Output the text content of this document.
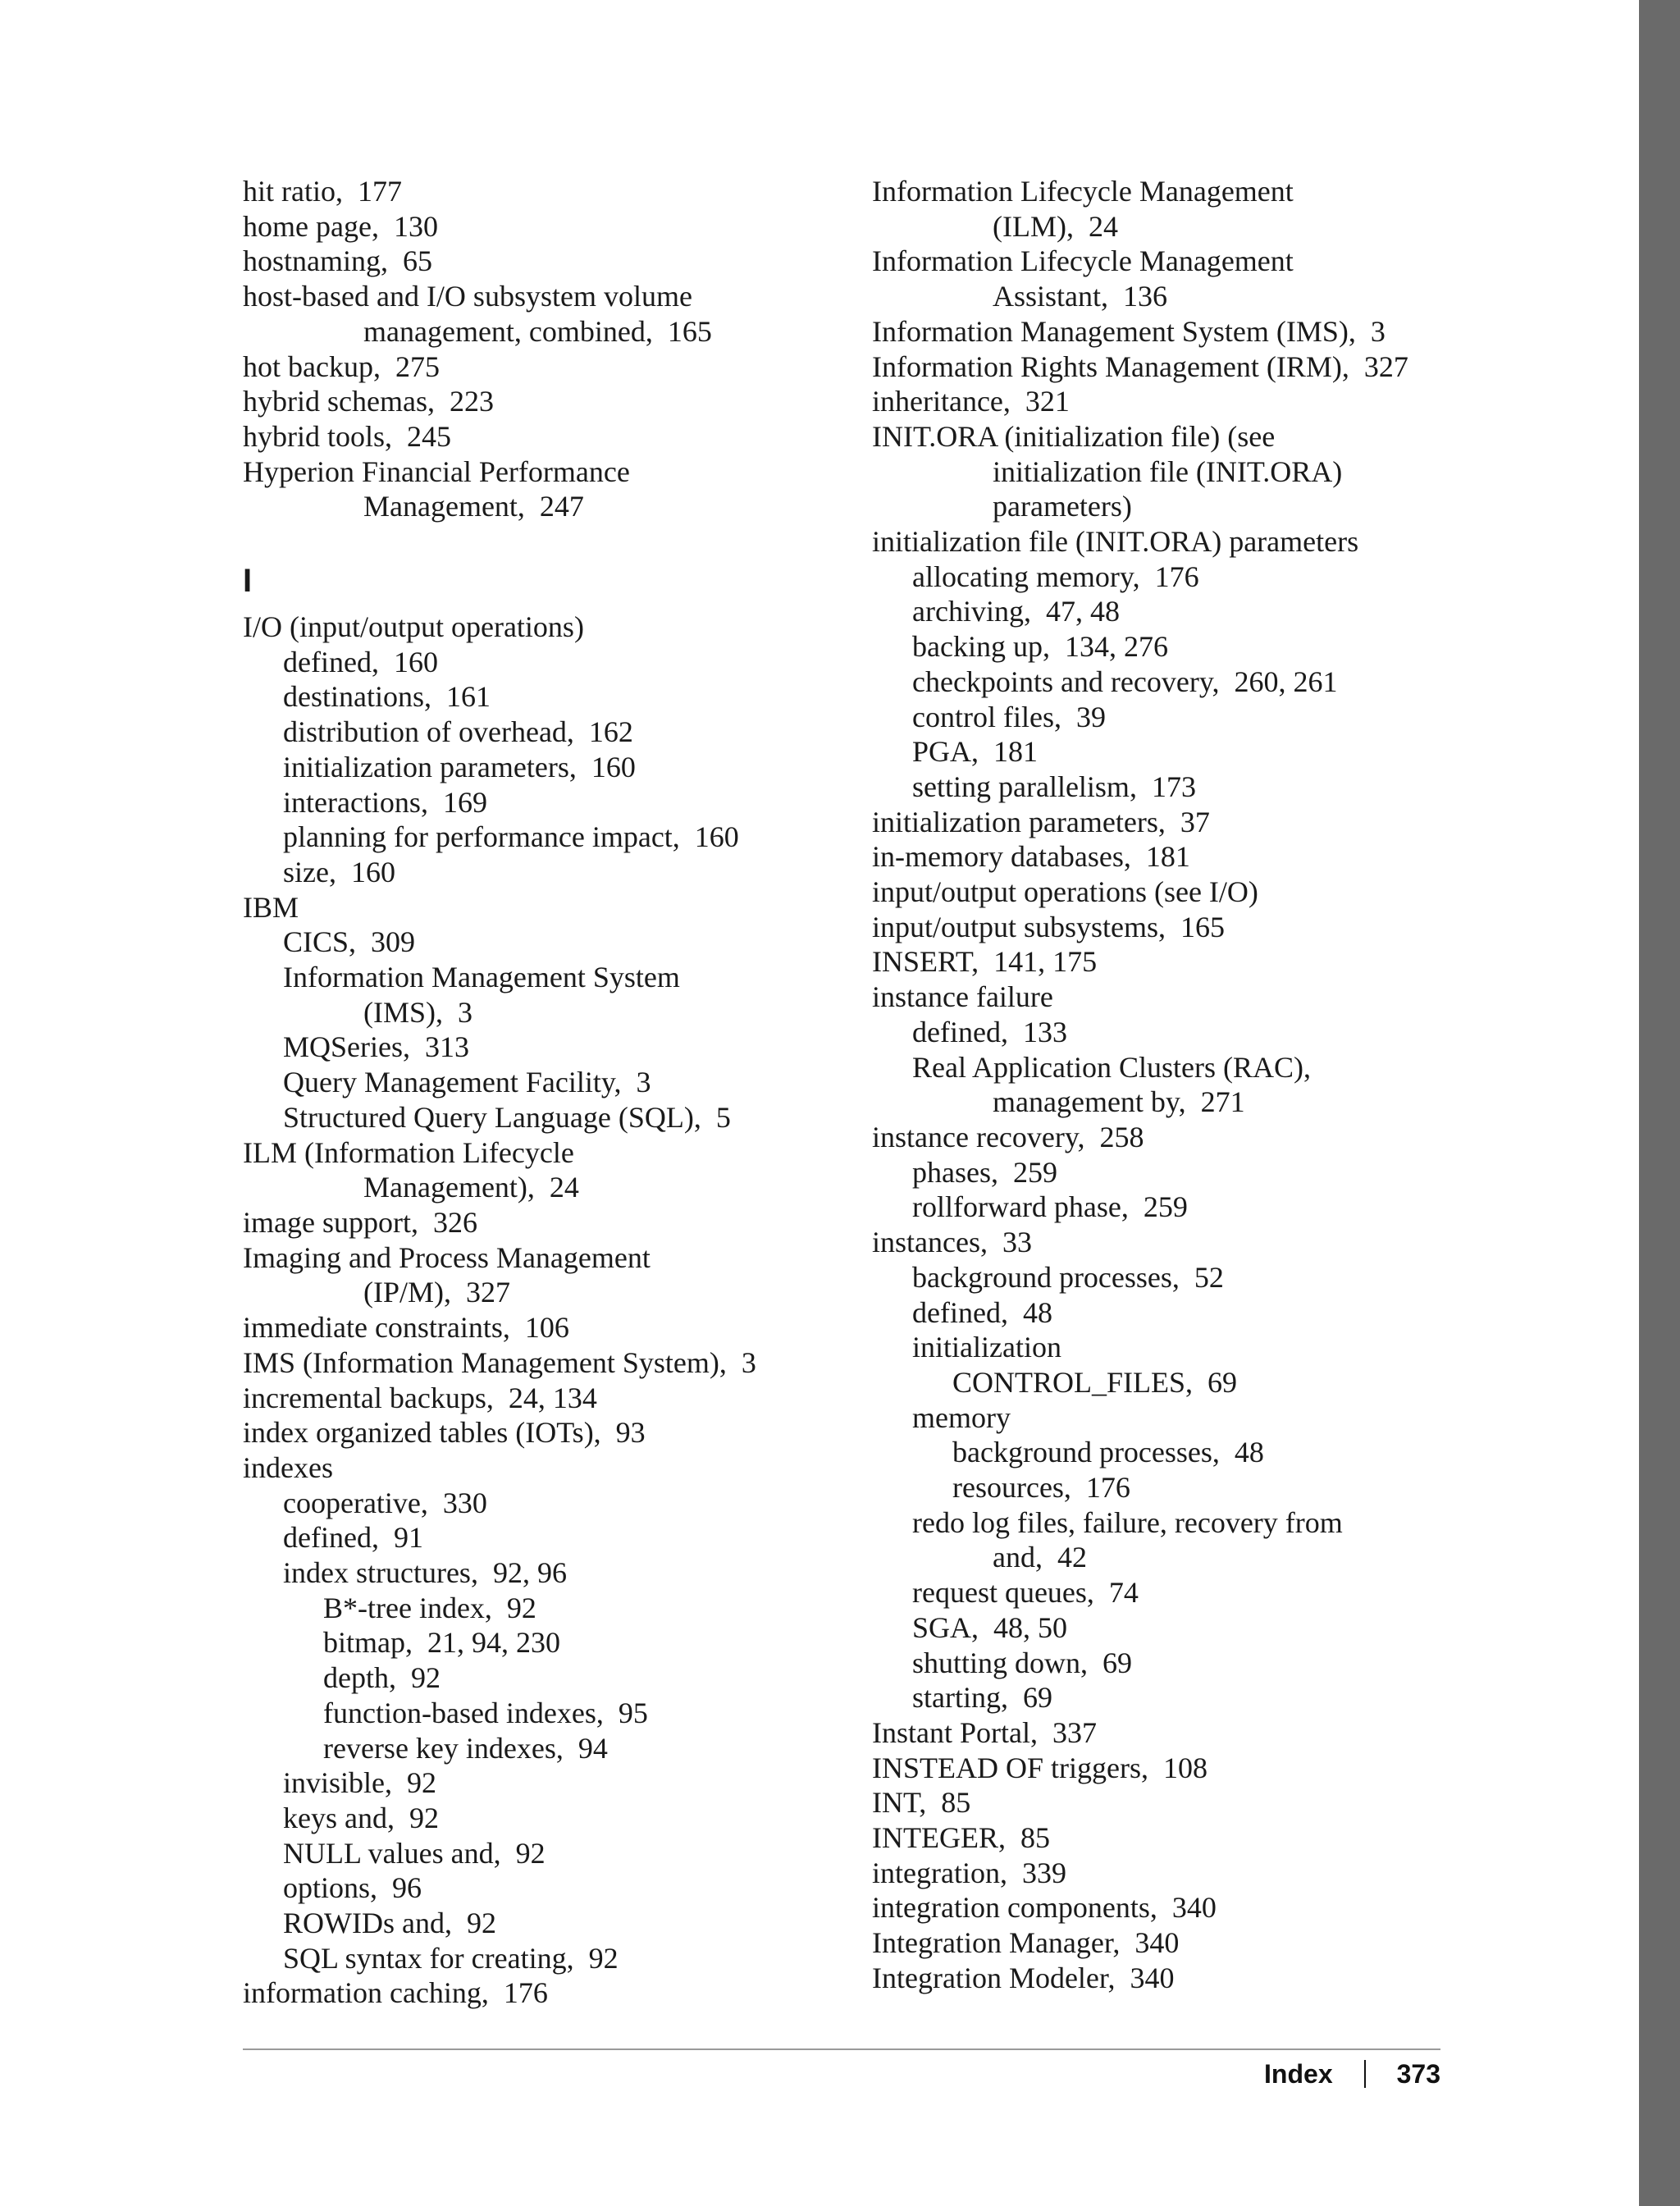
hit ratio,  177
home page,  130
hostnaming,  65
host-based and I/O subsystem volume
management, combined,  165
hot backup,  275
hybrid schemas,  223
hybrid tools,  245
Hyperion Financial Performance
Management,  247
I
I/O (input/output operations)
defined,  160
destinations,  161
distribution of overhead,  162
initialization parameters,  160
interactions,  169
planning for performance impact,  160
size,  160
IBM
CICS,  309
Information Management System
(IMS),  3
MQSeries,  313
Query Management Facility,  3
Structured Query Language (SQL),  5
ILM (Information Lifecycle
Management),  24
image support,  326
Imaging and Process Management
(IP/M),  327
immediate constraints,  106
IMS (Information Management System),  3
incremental backups,  24, 134
index organized tables (IOTs),  93
indexes
cooperative,  330
defined,  91
index structures,  92, 96
B*-tree index,  92
bitmap,  21, 94, 230
depth,  92
function-based indexes,  95
reverse key indexes,  94
invisible,  92
keys and,  92
NULL values and,  92
options,  96
ROWIDs and,  92
SQL syntax for creating,  92
information caching,  176
Information Lifecycle Management
(ILM),  24
Information Lifecycle Management
Assistant,  136
Information Management System (IMS),  3
Information Rights Management (IRM),  327
inheritance,  321
INIT.ORA (initialization file) (see
initialization file (INIT.ORA)
parameters)
initialization file (INIT.ORA) parameters
allocating memory,  176
archiving,  47, 48
backing up,  134, 276
checkpoints and recovery,  260, 261
control files,  39
PGA,  181
setting parallelism,  173
initialization parameters,  37
in-memory databases,  181
input/output operations (see I/O)
input/output subsystems,  165
INSERT,  141, 175
instance failure
defined,  133
Real Application Clusters (RAC),
management by,  271
instance recovery,  258
phases,  259
rollforward phase,  259
instances,  33
background processes,  52
defined,  48
initialization
CONTROL_FILES,  69
memory
background processes,  48
resources,  176
redo log files, failure, recovery from
and,  42
request queues,  74
SGA,  48, 50
shutting down,  69
starting,  69
Instant Portal,  337
INSTEAD OF triggers,  108
INT,  85
INTEGER,  85
integration,  339
integration components,  340
Integration Manager,  340
Integration Modeler,  340
Index 373
